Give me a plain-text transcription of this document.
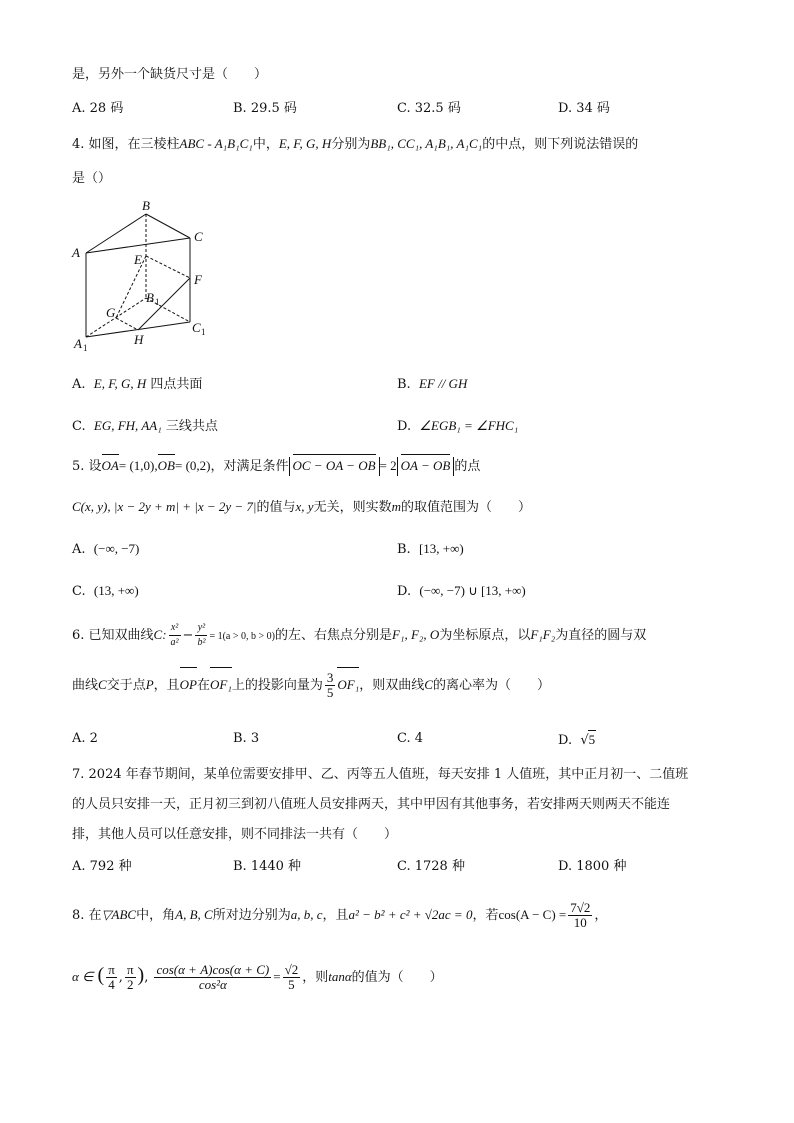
是，另外一个缺货尺寸是（　　）
A. 28 码	B. 29.5 码	C. 32.5 码	D. 34 码
4. 如图，在三棱柱ABC - A₁B₁C₁中，E, F, G, H分别为BB₁, CC₁, A₁B₁, A₁C₁的中点，则下列说法错误的
是（）
B
C
A	E
F
B 1
G
C 1
A 1
H
A. E, F, G, H 四点共面	B. EF // GH
C. EG, FH, AA₁ 三线共点	D. ∠EGB₁ = ∠FHC₁
5. 设OA= (1,0),OB= (0,2)，对满足条件 OC − OA − OB = 2 OA − OB 的点
C(x, y), |x − 2y + m| + |x − 2y − 7|的值与x, y无关，则实数m的取值范围为（　　）
A. (−∞, −7)	B. [13, +∞)
C. (13, +∞)	D. (−∞, −7) ∪ [13, +∞)
6. 已知双曲线C: $\frac{\text{x²}}{\text{a²}} - \frac{\text{y²}}{\text{b²}} = 1(a > 0$, b > 0)的左、右焦点分别是F₁, F₂, O为坐标原点，以F₁F₂为直径的圆与双
曲线C交于点P，且OP在OF₁上的投影向量为 $\frac{3}{5} OF_1$，则双曲线C的离心率为（　　）
A. 2	B. 3	C. 4	D.  √5
7. 2024 年春节期间，某单位需要安排甲、乙、丙等五人值班，每天安排 1 人值班，其中正月初一、二值班
的人员只安排一天，正月初三到初八值班人员安排两天，其中甲因有其他事务，若安排两天则两天不能连
排，其他人员可以任意安排，则不同排法一共有（　　）
A. 792 种	B. 1440 种	C. 1728 种	D. 1800 种
8. 在▽ABC中，角A, B, C所对边分别为a, b, c，且a² − b² + c² + √2ac = 0，若$\cos(A - C) = \frac{7√2}{10}$ ，
α ∈ ( $\frac{\pi}{4}$ , $\frac{\pi}{2}$ ), $\frac{\cos(\alpha + A)\cos(\alpha + C)}{\text{cos²α}} = \frac{√2}{5}$ ，则tanα的值为（　　）
